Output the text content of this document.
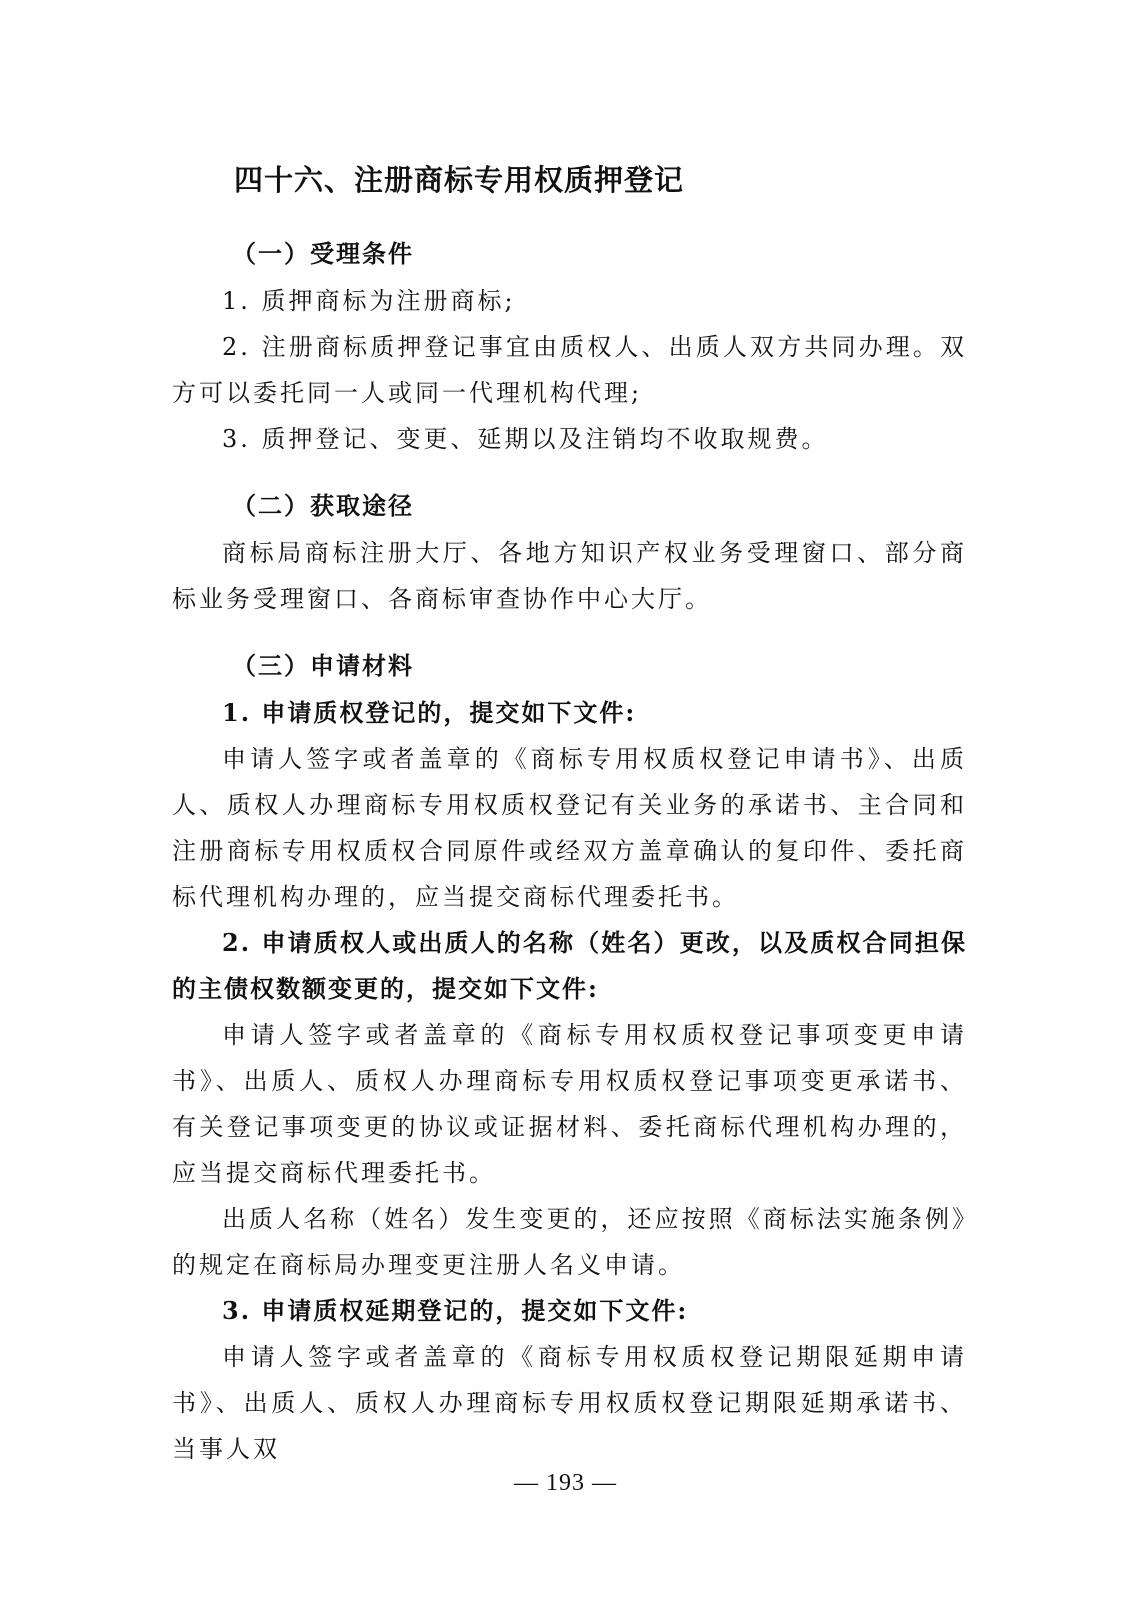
四十六、注册商标专用权质押登记
（一）受理条件

1. 质押商标为注册商标;

2. 注册商标质押登记事宜由质权人、出质人双方共同办理。双方可以委托同一人或同一代理机构代理;

3. 质押登记、变更、延期以及注销均不收取规费。

（二）获取途径

商标局商标注册大厅、各地方知识产权业务受理窗口、部分商标业务受理窗口、各商标审查协作中心大厅。

（三）申请材料

1. 申请质权登记的，提交如下文件:

申请人签字或者盖章的《商标专用权质权登记申请书》、出质人、质权人办理商标专用权质权登记有关业务的承诺书、主合同和注册商标专用权质权合同原件或经双方盖章确认的复印件、委托商标代理机构办理的，应当提交商标代理委托书。

2. 申请质权人或出质人的名称（姓名）更改，以及质权合同担保的主债权数额变更的，提交如下文件:

申请人签字或者盖章的《商标专用权质权登记事项变更申请书》、出质人、质权人办理商标专用权质权登记事项变更承诺书、有关登记事项变更的协议或证据材料、委托商标代理机构办理的，应当提交商标代理委托书。

出质人名称（姓名）发生变更的，还应按照《商标法实施条例》的规定在商标局办理变更注册人名义申请。

3. 申请质权延期登记的，提交如下文件:

申请人签字或者盖章的《商标专用权质权登记期限延期申请书》、出质人、质权人办理商标专用权质权登记期限延期承诺书、当事人双

— 193 —
